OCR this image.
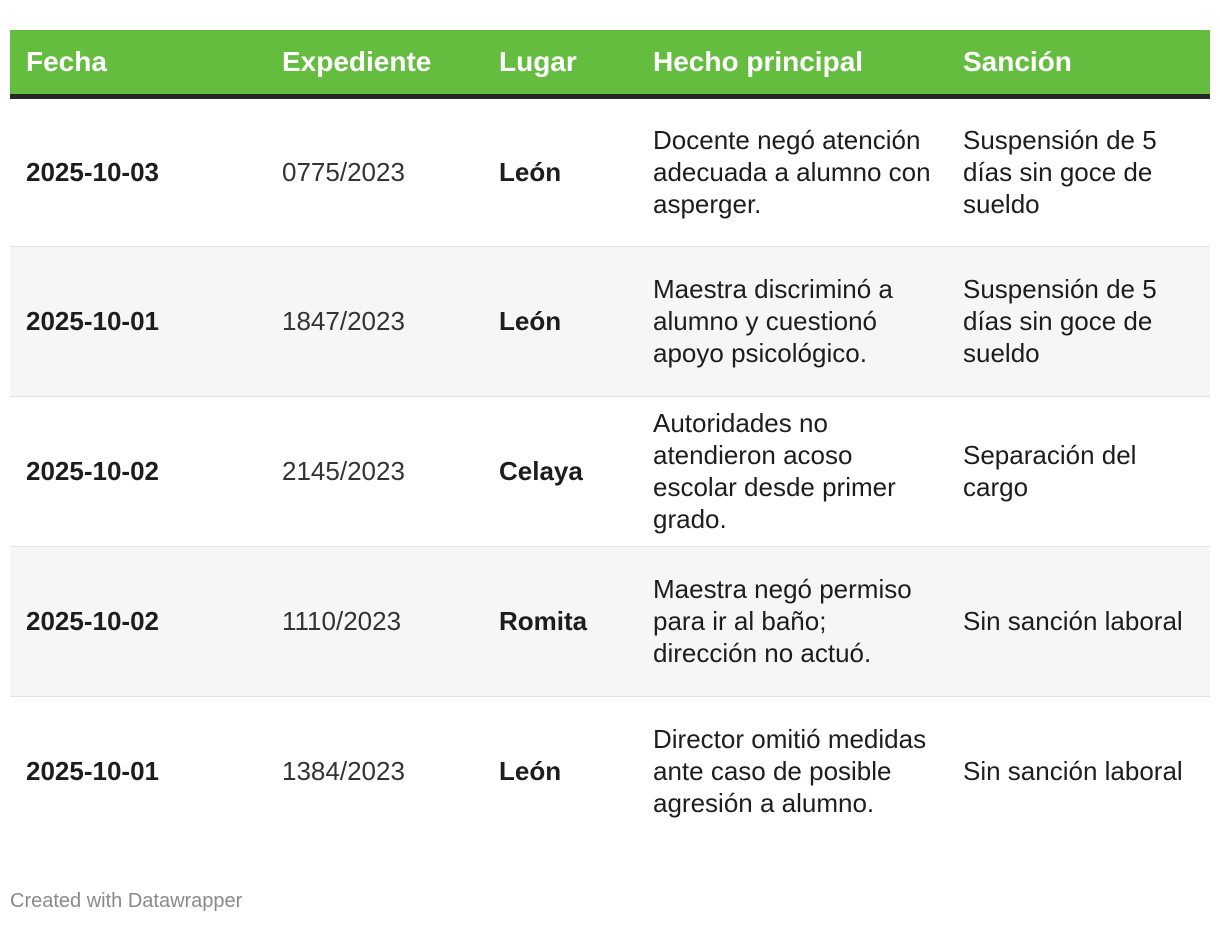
Fecha	Expediente	Lugar	Hecho principal	Sanción
2025-10-03	0775/2023	León	Docente negó atención adecuada a alumno con asperger.	Suspensión de 5 días sin goce de sueldo
2025-10-01	1847/2023	León	Maestra discriminó a alumno y cuestionó apoyo psicológico.	Suspensión de 5 días sin goce de sueldo
2025-10-02	2145/2023	Celaya	Autoridades no atendieron acoso escolar desde primer grado.	Separación del cargo
2025-10-02	1110/2023	Romita	Maestra negó permiso para ir al baño; dirección no actuó.	Sin sanción laboral
2025-10-01	1384/2023	León	Director omitió medidas ante caso de posible agresión a alumno.	Sin sanción laboral
Created with Datawrapper
